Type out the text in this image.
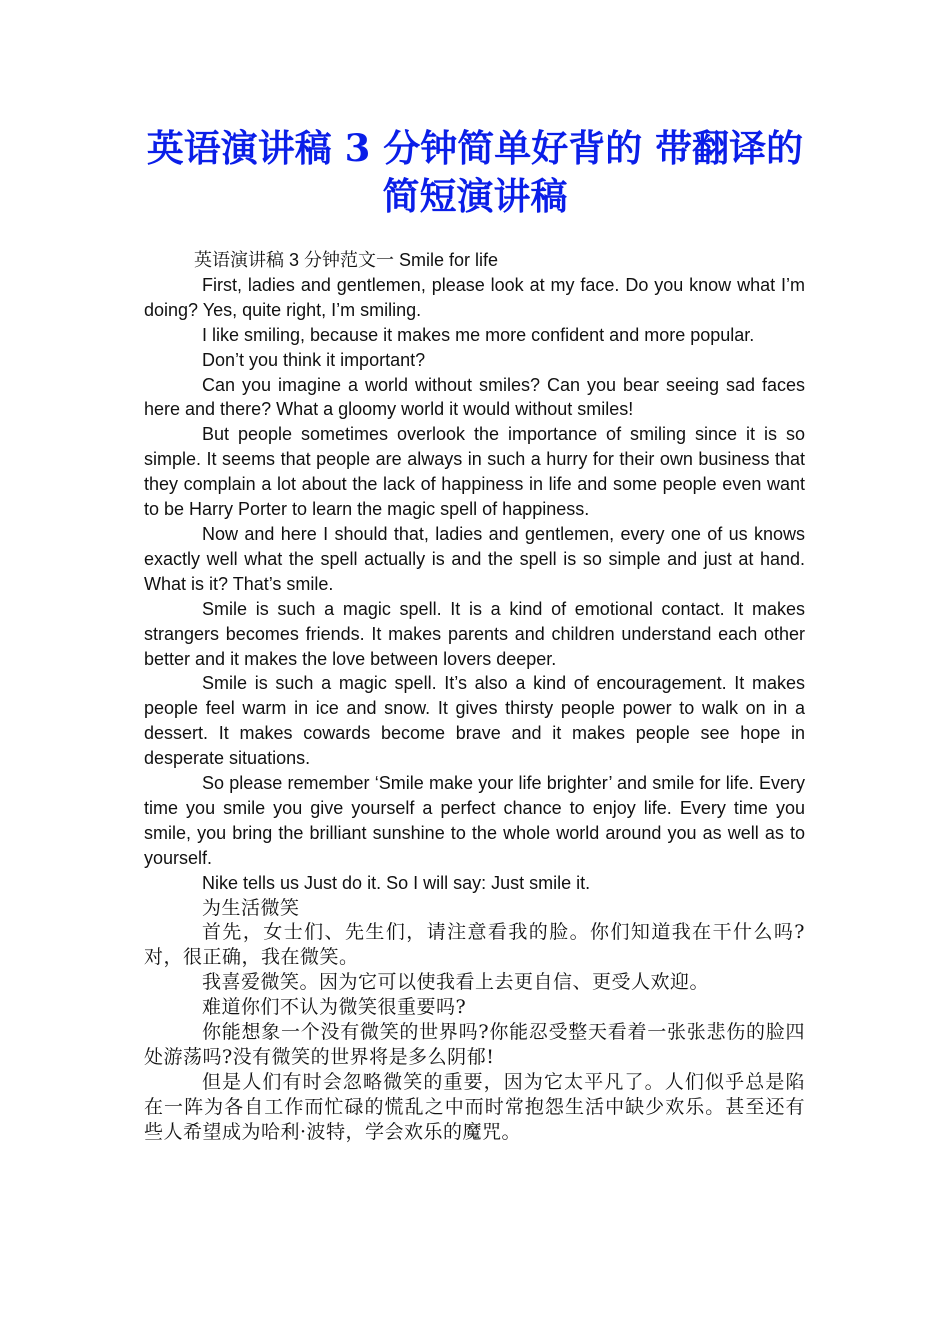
英语演讲稿 3 分钟简单好背的 带翻译的简短演讲稿

英语演讲稿 3 分钟范文一 Smile for life

First, ladies and gentlemen, please look at my face. Do you know what I’m doing? Yes, quite right, I’m smiling.

I like smiling, because it makes me more confident and more popular.

Don’t you think it important?

Can you imagine a world without smiles? Can you bear seeing sad faces here and there? What a gloomy world it would without smiles!

But people sometimes overlook the importance of smiling since it is so simple. It seems that people are always in such a hurry for their own business that they complain a lot about the lack of happiness in life and some people even want to be Harry Porter to learn the magic spell of happiness.

Now and here I should that, ladies and gentlemen, every one of us knows exactly well what the spell actually is and the spell is so simple and just at hand. What is it? That’s smile.

Smile is such a magic spell. It is a kind of emotional contact. It makes strangers becomes friends. It makes parents and children understand each other better and it makes the love between lovers deeper.

Smile is such a magic spell. It’s also a kind of encouragement. It makes people feel warm in ice and snow. It gives thirsty people power to walk on in a dessert. It makes cowards become brave and it makes people see hope in desperate situations.

So please remember ‘Smile make your life brighter’ and smile for life. Every time you smile you give yourself a perfect chance to enjoy life. Every time you smile, you bring the brilliant sunshine to the whole world around you as well as to yourself.

Nike tells us Just do it. So I will say: Just smile it.

为生活微笑

首先，女士们、先生们，请注意看我的脸。你们知道我在干什么吗?对，很正确，我在微笑。

我喜爱微笑。因为它可以使我看上去更自信、更受人欢迎。

难道你们不认为微笑很重要吗?

你能想象一个没有微笑的世界吗?你能忍受整天看着一张张悲伤的脸四处游荡吗?没有微笑的世界将是多么阴郁!

但是人们有时会忽略微笑的重要，因为它太平凡了。人们似乎总是陷在一阵为各自工作而忙碌的慌乱之中而时常抱怨生活中缺少欢乐。甚至还有些人希望成为哈利·波特，学会欢乐的魔咒。
